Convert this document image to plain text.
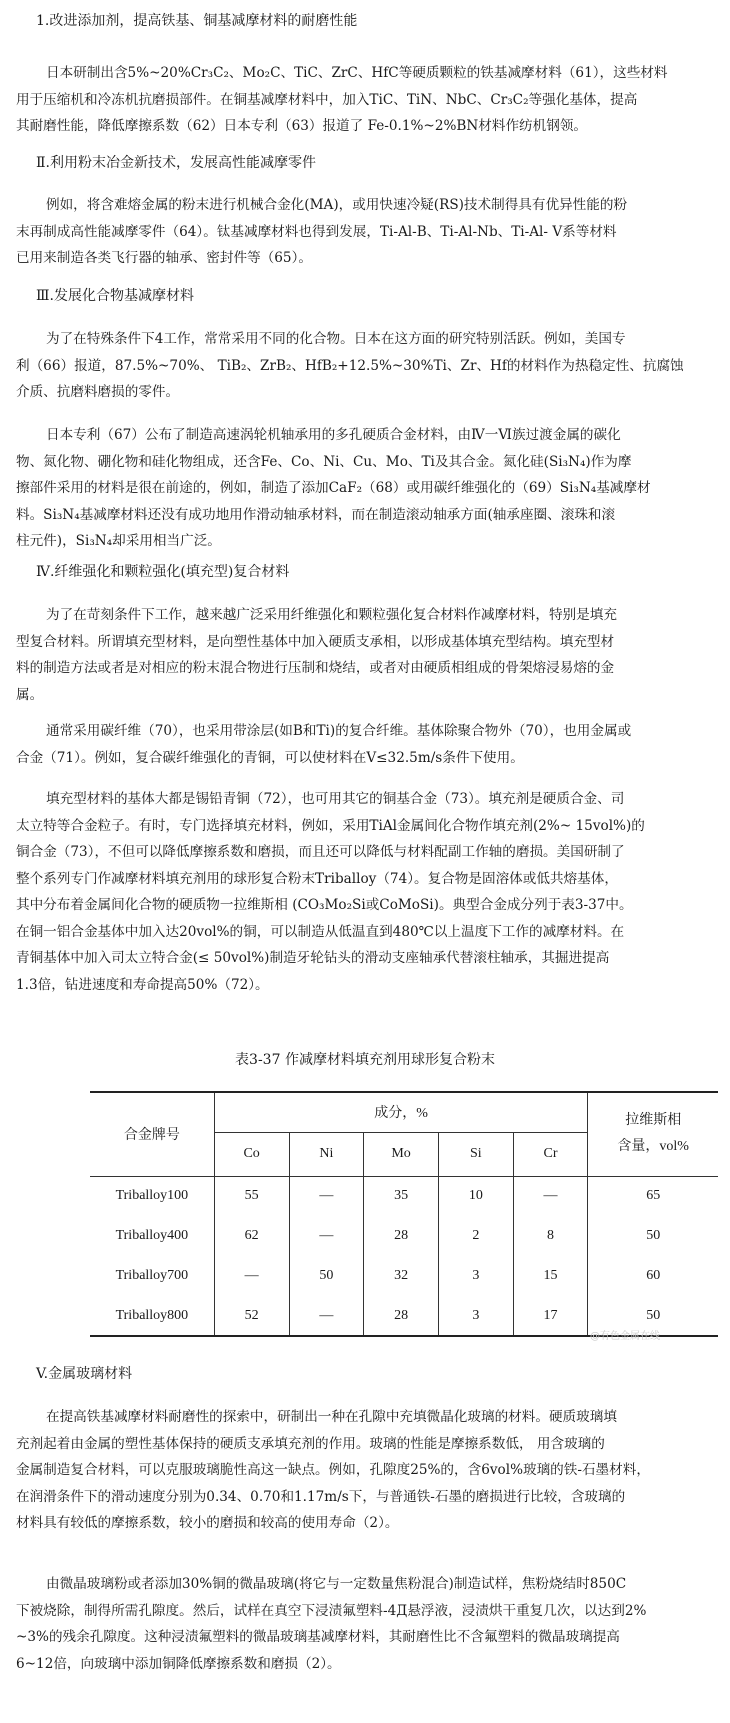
1.改进添加剂，提高铁基、铜基减摩材料的耐磨性能
日本研制出含5%~20%Cr₃C₂、Mo₂C、TiC、ZrC、HfC等硬质颗粒的铁基减摩材料（61），这些材料
用于压缩机和冷冻机抗磨损部件。在铜基减摩材料中，加入TiC、TiN、NbC、Cr₃C₂等强化基体，提高
其耐磨性能，降低摩擦系数（62）日本专利（63）报道了 Fe-0.1%~2%BN材料作纺机钢领。
Ⅱ.利用粉末冶金新技术，发展高性能减摩零件
例如，将含难熔金属的粉末进行机械合金化(MA)，或用快速冷疑(RS)技术制得具有优异性能的粉
末再制成高性能减摩零件（64）。钛基减摩材料也得到发展，Ti-Al-B、Ti-Al-Nb、Ti-Al- V系等材料
已用来制造各类飞行器的轴承、密封件等（65）。
Ⅲ.发展化合物基减摩材料
为了在特殊条件下4工作，常常采用不同的化合物。日本在这方面的研究特别活跃。例如，美国专
利（66）报道，87.5%~70%、 TiB₂、ZrB₂、HfB₂+12.5%~30%Ti、Zr、Hf的材料作为热稳定性、抗腐蚀
介质、抗磨料磨损的零件。
日本专利（67）公布了制造高速涡轮机轴承用的多孔硬质合金材料，由Ⅳ一Ⅵ族过渡金属的碳化
物、氮化物、硼化物和硅化物组成，还含Fe、Co、Ni、Cu、Mo、Ti及其合金。氮化硅(Si₃N₄)作为摩
擦部件采用的材料是很在前途的，例如，制造了添加CaF₂（68）或用碳纤维强化的（69）Si₃N₄基减摩材
料。Si₃N₄基减摩材料还没有成功地用作滑动轴承材料，而在制造滚动轴承方面(轴承座圈、滚珠和滚
柱元件)，Si₃N₄却采用相当广泛。
Ⅳ.纤维强化和颗粒强化(填充型)复合材料
为了在苛刻条件下工作，越来越广泛采用纤维强化和颗粒强化复合材料作减摩材料，特别是填充
型复合材料。所谓填充型材料，是向塑性基体中加入硬质支承相，以形成基体填充型结构。填充型材
料的制造方法或者是对相应的粉末混合物进行压制和烧结，或者对由硬质相组成的骨架熔浸易熔的金
属。
通常采用碳纤维（70），也采用带涂层(如B和Ti)的复合纤维。基体除聚合物外（70），也用金属或
合金（71）。例如，复合碳纤维强化的青铜，可以使材料在V≤32.5m/s条件下使用。
填充型材料的基体大都是锡铅青铜（72），也可用其它的铜基合金（73）。填充剂是硬质合金、司
太立特等合金粒子。有时，专门选择填充材料，例如，采用TiAl金属间化合物作填充剂(2%~ 15vol%)的
铜合金（73），不但可以降低摩擦系数和磨损，而且还可以降低与材料配副工作轴的磨损。美国研制了
整个系列专门作减摩材料填充剂用的球形复合粉末Triballoy（74）。复合物是固溶体或低共熔基体，
其中分布着金属间化合物的硬质物一拉维斯相 (CO₃Mo₂Si或CoMoSi)。典型合金成分列于表3-37中。
在铜一铝合金基体中加入达20vol%的铜，可以制造从低温直到480℃以上温度下工作的减摩材料。在
青铜基体中加入司太立特合金(≤ 50vol%)制造牙轮钻头的滑动支座轴承代替滚柱轴承，其掘进提高
1.3倍，钻进速度和寿命提高50%（72）。
表3-37 作减摩材料填充剂用球形复合粉末
合金牌号	成分，%					拉维斯相
含量，vol%
	Co	Ni	Mo	Si	Cr	
Triballoy100	55	—	35	10	—	65
Triballoy400	62	—	28	2	8	50
Triballoy700	—	50	32	3	15	60
Triballoy800	52	—	28	3	17	50
@有色金属在线
V.金属玻璃材料
在提高铁基减摩材料耐磨性的探索中，研制出一种在孔隙中充填微晶化玻璃的材料。硬质玻璃填
充剂起着由金属的塑性基体保持的硬质支承填充剂的作用。玻璃的性能是摩擦系数低， 用含玻璃的
金属制造复合材料，可以克服玻璃脆性高这一缺点。例如，孔隙度25%的，含6vol%玻璃的铁-石墨材料，
在润滑条件下的滑动速度分别为0.34、0.70和1.17m/s下，与普通铁-石墨的磨损进行比较，含玻璃的
材料具有较低的摩擦系数，较小的磨损和较高的使用寿命（2）。
由微晶玻璃粉或者添加30%铜的微晶玻璃(将它与一定数量焦粉混合)制造试样，焦粉烧结时850C
下被烧除，制得所需孔隙度。然后，试样在真空下浸渍氟塑料-4Д悬浮液，浸渍烘干重复几次，以达到2%
~3%的残余孔隙度。这种浸渍氟塑料的微晶玻璃基减摩材料，其耐磨性比不含氟塑料的微晶玻璃提高
6~12倍，向玻璃中添加铜降低摩擦系数和磨损（2）。
